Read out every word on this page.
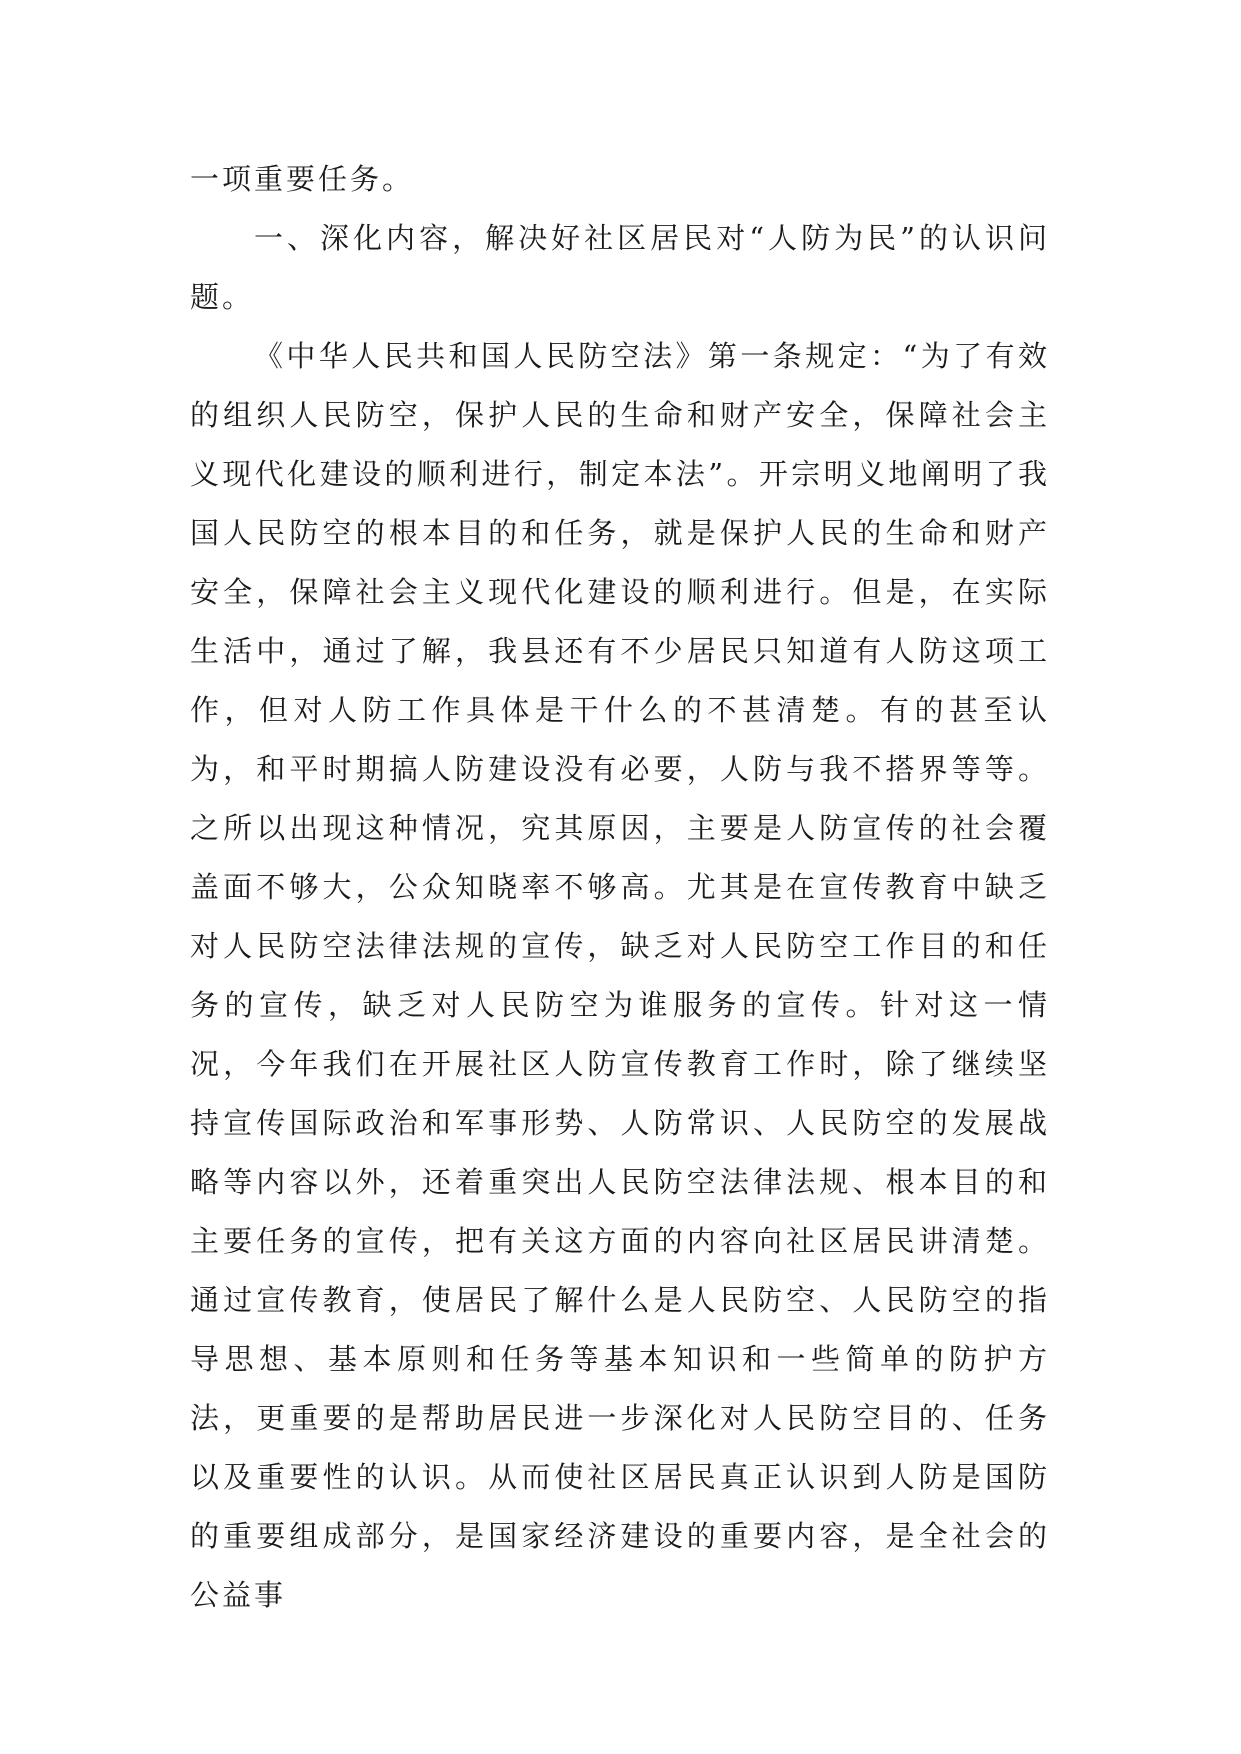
一项重要任务。

一、深化内容，解决好社区居民对“人防为民”的认识问题。

《中华人民共和国人民防空法》第一条规定：“为了有效的组织人民防空，保护人民的生命和财产安全，保障社会主义现代化建设的顺利进行，制定本法”。开宗明义地阐明了我国人民防空的根本目的和任务，就是保护人民的生命和财产安全，保障社会主义现代化建设的顺利进行。但是，在实际生活中，通过了解，我县还有不少居民只知道有人防这项工作，但对人防工作具体是干什么的不甚清楚。有的甚至认为，和平时期搞人防建设没有必要，人防与我不搭界等等。之所以出现这种情况，究其原因，主要是人防宣传的社会覆盖面不够大，公众知晓率不够高。尤其是在宣传教育中缺乏对人民防空法律法规的宣传，缺乏对人民防空工作目的和任务的宣传，缺乏对人民防空为谁服务的宣传。针对这一情况，今年我们在开展社区人防宣传教育工作时，除了继续坚持宣传国际政治和军事形势、人防常识、人民防空的发展战略等内容以外，还着重突出人民防空法律法规、根本目的和主要任务的宣传，把有关这方面的内容向社区居民讲清楚。通过宣传教育，使居民了解什么是人民防空、人民防空的指导思想、基本原则和任务等基本知识和一些简单的防护方法，更重要的是帮助居民进一步深化对人民防空目的、任务以及重要性的认识。从而使社区居民真正认识到人防是国防的重要组成部分，是国家经济建设的重要内容，是全社会的公益事
